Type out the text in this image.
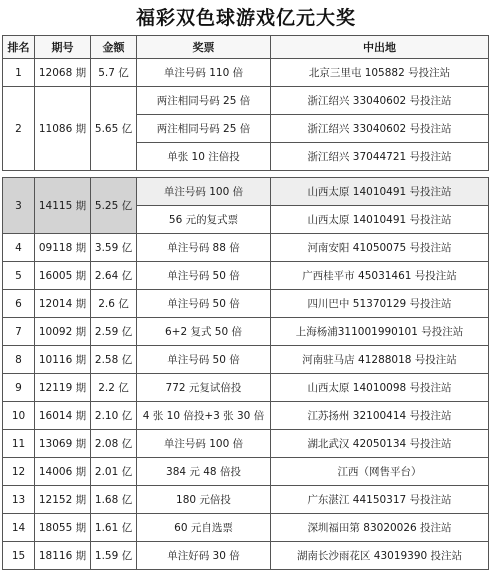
福彩双色球游戏亿元大奖
排名	期号	金额	奖票	中出地
1	12068 期	5.7 亿	单注号码 110 倍	北京三里屯 105882 号投注站
2	11086 期	5.65 亿	两注相同号码 25 倍	浙江绍兴 33040602 号投注站
			两注相同号码 25 倍	浙江绍兴 33040602 号投注站
			单张 10 注倍投	浙江绍兴 37044721 号投注站

3	14115 期	5.25 亿	单注号码 100 倍	山西太原 14010491 号投注站
			56 元的复式票	山西太原 14010491 号投注站
4	09118 期	3.59 亿	单注号码 88 倍	河南安阳 41050075 号投注站
5	16005 期	2.64 亿	单注号码 50 倍	广西桂平市 45031461 号投注站
6	12014 期	2.6 亿	单注号码 50 倍	四川巴中 51370129 号投注站
7	10092 期	2.59 亿	6+2 复式 50 倍	上海杨浦311001990101 号投注站
8	10116 期	2.58 亿	单注号码 50 倍	河南驻马店 41288018 号投注站
9	12119 期	2.2 亿	772 元复试倍投	山西太原 14010098 号投注站
10	16014 期	2.10 亿	4 张 10 倍投+3 张 30 倍	江苏扬州 32100414 号投注站
11	13069 期	2.08 亿	单注号码 100 倍	湖北武汉 42050134 号投注站
12	14006 期	2.01 亿	384 元 48 倍投	江西（网售平台）
13	12152 期	1.68 亿	180 元倍投	广东湛江 44150317 号投注站
14	18055 期	1.61 亿	60 元自选票	深圳福田第 83020026 投注站
15	18116 期	1.59 亿	单注好码 30 倍	湖南长沙雨花区 43019390 投注站
